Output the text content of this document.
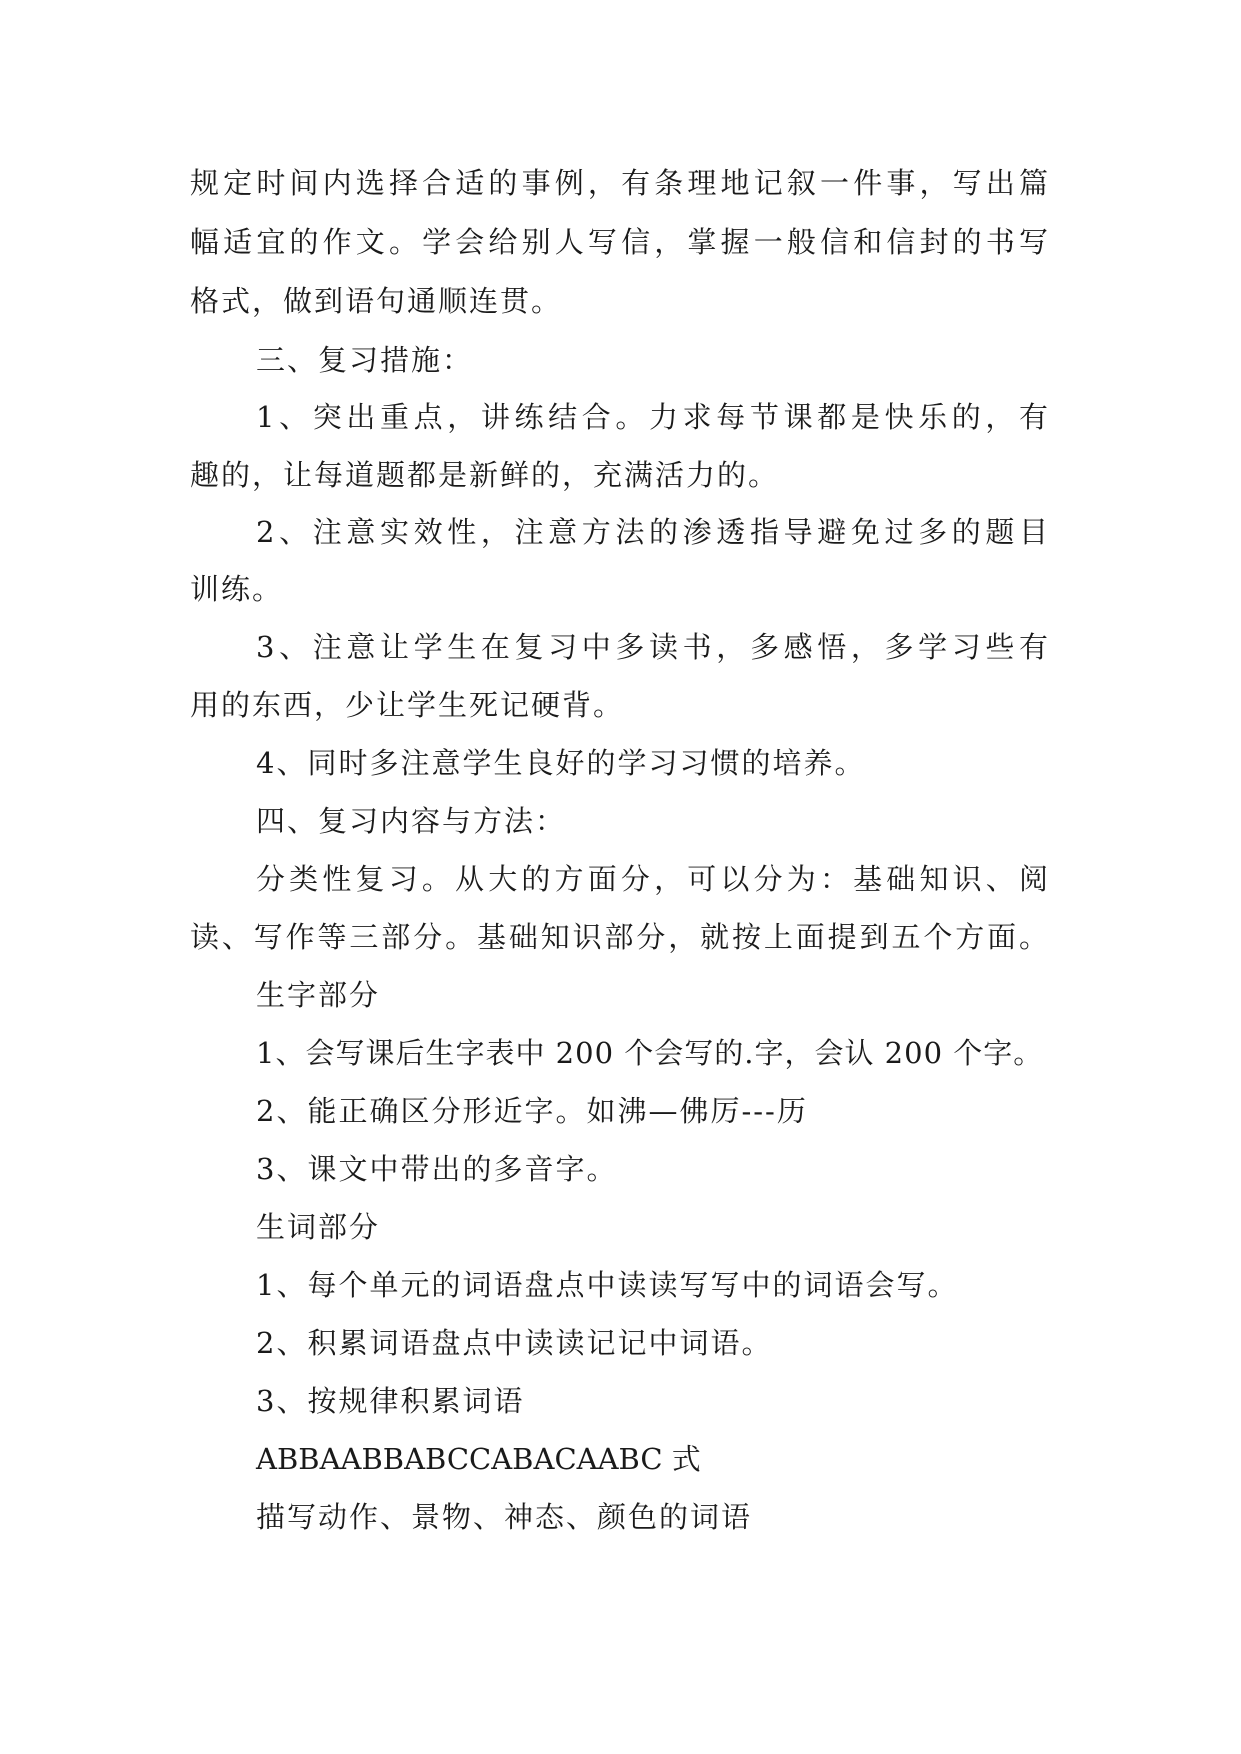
规定时间内选择合适的事例，有条理地记叙一件事，写出篇
幅适宜的作文。学会给别人写信，掌握一般信和信封的书写
格式，做到语句通顺连贯。
三、复习措施：
1、突出重点，讲练结合。力求每节课都是快乐的，有
趣的，让每道题都是新鲜的，充满活力的。
2、注意实效性，注意方法的渗透指导避免过多的题目
训练。
3、注意让学生在复习中多读书，多感悟，多学习些有
用的东西，少让学生死记硬背。
4、同时多注意学生良好的学习习惯的培养。
四、复习内容与方法：
分类性复习。从大的方面分，可以分为：基础知识、阅
读、写作等三部分。基础知识部分，就按上面提到五个方面。
生字部分
1、会写课后生字表中 200 个会写的.字，会认 200 个字。
2、能正确区分形近字。如沸—佛厉---历
3、课文中带出的多音字。
生词部分
1、每个单元的词语盘点中读读写写中的词语会写。
2、积累词语盘点中读读记记中词语。
3、按规律积累词语
ABBAABBABCCABACAABC 式
描写动作、景物、神态、颜色的词语
